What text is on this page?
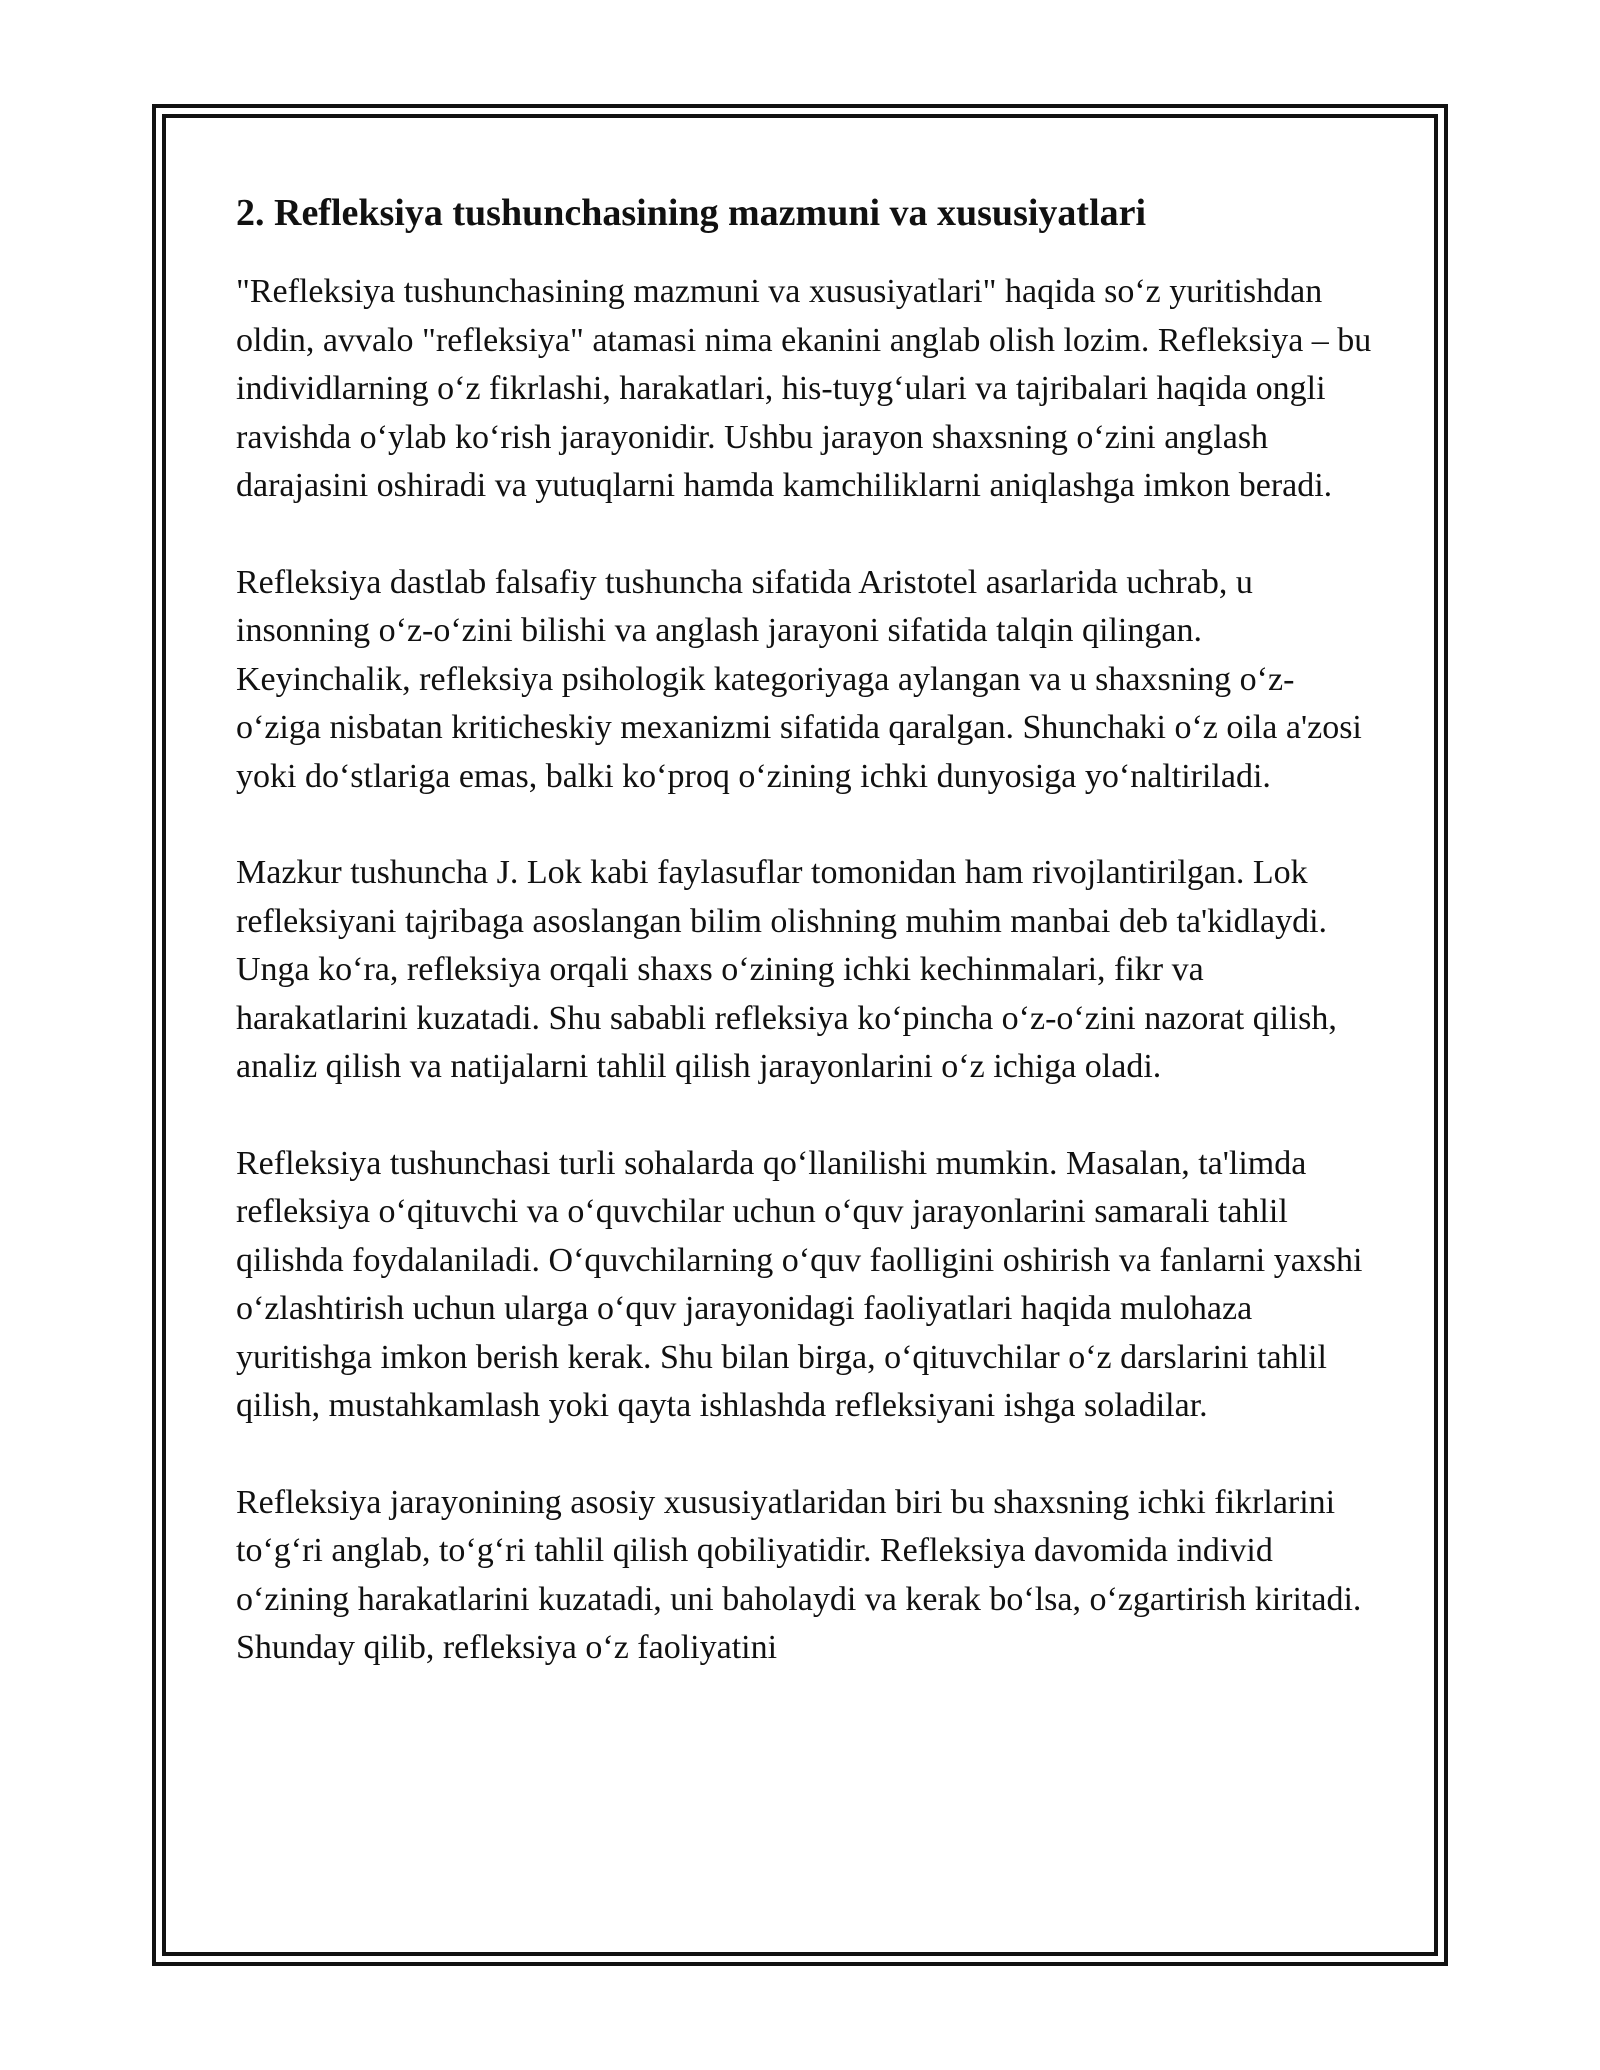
2. Refleksiya tushunchasining mazmuni va xususiyatlari

"Refleksiya tushunchasining mazmuni va xususiyatlari" haqida so‘z yuritishdan oldin, avvalo "refleksiya" atamasi nima ekanini anglab olish lozim. Refleksiya – bu individlarning o‘z fikrlashi, harakatlari, his-tuyg‘ulari va tajribalari haqida ongli ravishda o‘ylab ko‘rish jarayonidir. Ushbu jarayon shaxsning o‘zini anglash darajasini oshiradi va yutuqlarni hamda kamchiliklarni aniqlashga imkon beradi.

Refleksiya dastlab falsafiy tushuncha sifatida Aristotel asarlarida uchrab, u insonning o‘z-o‘zini bilishi va anglash jarayoni sifatida talqin qilingan. Keyinchalik, refleksiya psihologik kategoriyaga aylangan va u shaxsning o‘z-o‘ziga nisbatan kriticheskiy mexanizmi sifatida qaralgan. Shunchaki o‘z oila a'zosi yoki do‘stlariga emas, balki ko‘proq o‘zining ichki dunyosiga yo‘naltiriladi.

Mazkur tushuncha J. Lok kabi faylasuflar tomonidan ham rivojlantirilgan. Lok refleksiyani tajribaga asoslangan bilim olishning muhim manbai deb ta'kidlaydi. Unga ko‘ra, refleksiya orqali shaxs o‘zining ichki kechinmalari, fikr va harakatlarini kuzatadi. Shu sababli refleksiya ko‘pincha o‘z-o‘zini nazorat qilish, analiz qilish va natijalarni tahlil qilish jarayonlarini o‘z ichiga oladi.

Refleksiya tushunchasi turli sohalarda qo‘llanilishi mumkin. Masalan, ta'limda refleksiya o‘qituvchi va o‘quvchilar uchun o‘quv jarayonlarini samarali tahlil qilishda foydalaniladi. O‘quvchilarning o‘quv faolligini oshirish va fanlarni yaxshi o‘zlashtirish uchun ularga o‘quv jarayonidagi faoliyatlari haqida mulohaza yuritishga imkon berish kerak. Shu bilan birga, o‘qituvchilar o‘z darslarini tahlil qilish, mustahkamlash yoki qayta ishlashda refleksiyani ishga soladilar.

Refleksiya jarayonining asosiy xususiyatlaridan biri bu shaxsning ichki fikrlarini to‘g‘ri anglab, to‘g‘ri tahlil qilish qobiliyatidir. Refleksiya davomida individ o‘zining harakatlarini kuzatadi, uni baholaydi va kerak bo‘lsa, o‘zgartirish kiritadi. Shunday qilib, refleksiya o‘z faoliyatini
